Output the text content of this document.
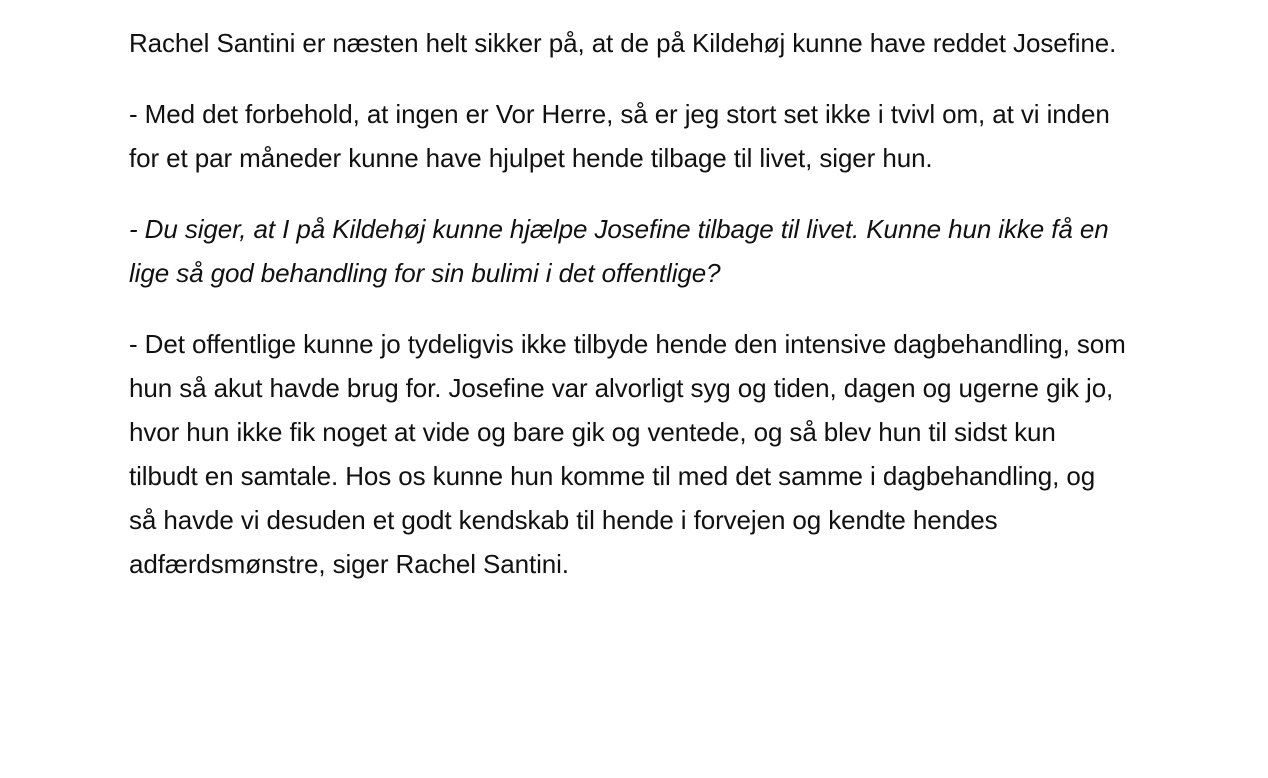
Rachel Santini er næsten helt sikker på, at de på Kildehøj kunne have reddet Josefine.

- Med det forbehold, at ingen er Vor Herre, så er jeg stort set ikke i tvivl om, at vi inden for et par måneder kunne have hjulpet hende tilbage til livet, siger hun.

- Du siger, at I på Kildehøj kunne hjælpe Josefine tilbage til livet. Kunne hun ikke få en lige så god behandling for sin bulimi i det offentlige?

- Det offentlige kunne jo tydeligvis ikke tilbyde hende den intensive dagbehandling, som hun så akut havde brug for. Josefine var alvorligt syg og tiden, dagen og ugerne gik jo, hvor hun ikke fik noget at vide og bare gik og ventede, og så blev hun til sidst kun tilbudt en samtale. Hos os kunne hun komme til med det samme i dagbehandling, og så havde vi desuden et godt kendskab til hende i forvejen og kendte hendes adfærdsmønstre, siger Rachel Santini.
